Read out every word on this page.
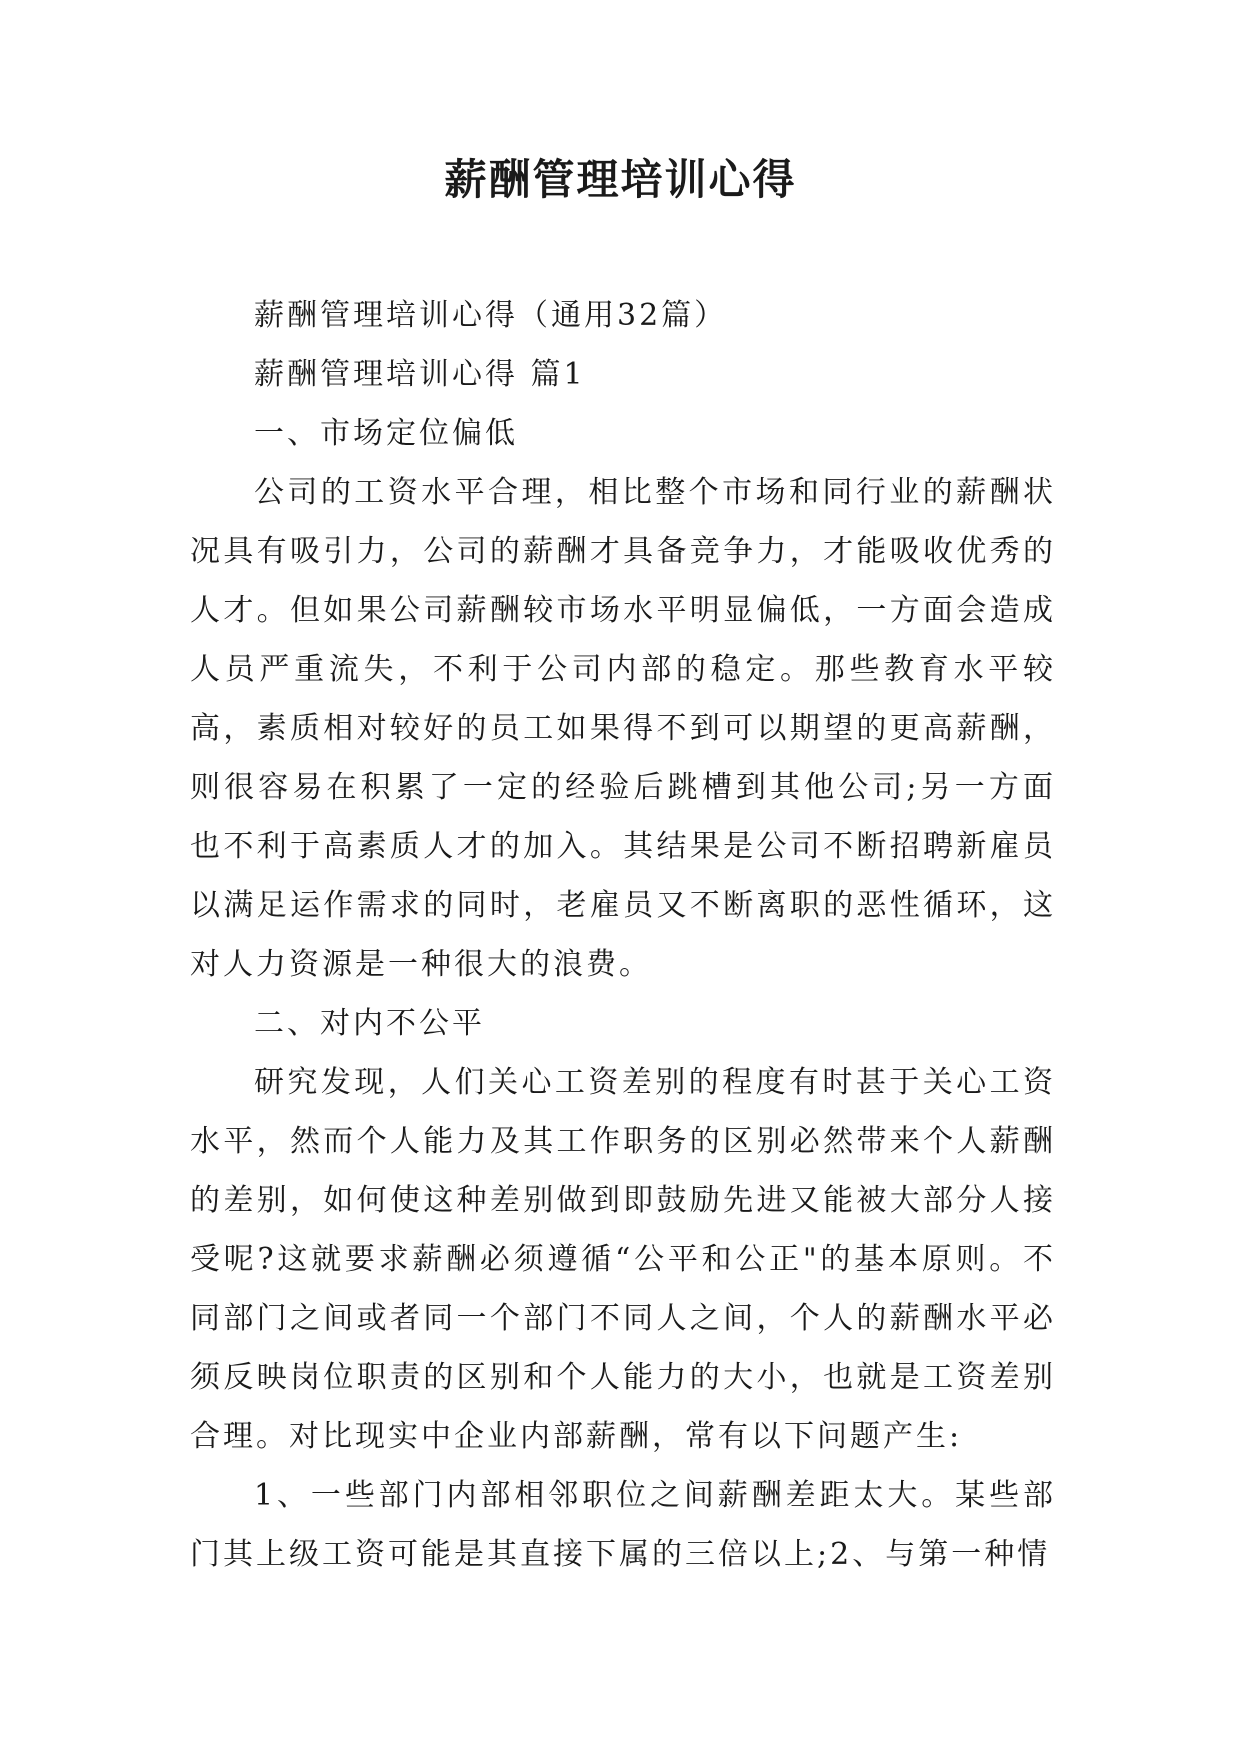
薪酬管理培训心得

薪酬管理培训心得（通用32篇）

薪酬管理培训心得 篇1

一、市场定位偏低

公司的工资水平合理，相比整个市场和同行业的薪酬状况具有吸引力，公司的薪酬才具备竞争力，才能吸收优秀的人才。但如果公司薪酬较市场水平明显偏低，一方面会造成人员严重流失，不利于公司内部的稳定。那些教育水平较高，素质相对较好的员工如果得不到可以期望的更高薪酬，则很容易在积累了一定的经验后跳槽到其他公司;另一方面也不利于高素质人才的加入。其结果是公司不断招聘新雇员以满足运作需求的同时，老雇员又不断离职的恶性循环，这对人力资源是一种很大的浪费。

二、对内不公平

研究发现，人们关心工资差别的程度有时甚于关心工资水平，然而个人能力及其工作职务的区别必然带来个人薪酬的差别，如何使这种差别做到即鼓励先进又能被大部分人接受呢?这就要求薪酬必须遵循“公平和公正"的基本原则。不同部门之间或者同一个部门不同人之间，个人的薪酬水平必须反映岗位职责的区别和个人能力的大小，也就是工资差别合理。对比现实中企业内部薪酬，常有以下问题产生:

1、一些部门内部相邻职位之间薪酬差距太大。某些部门其上级工资可能是其直接下属的三倍以上;2、与第一种情
